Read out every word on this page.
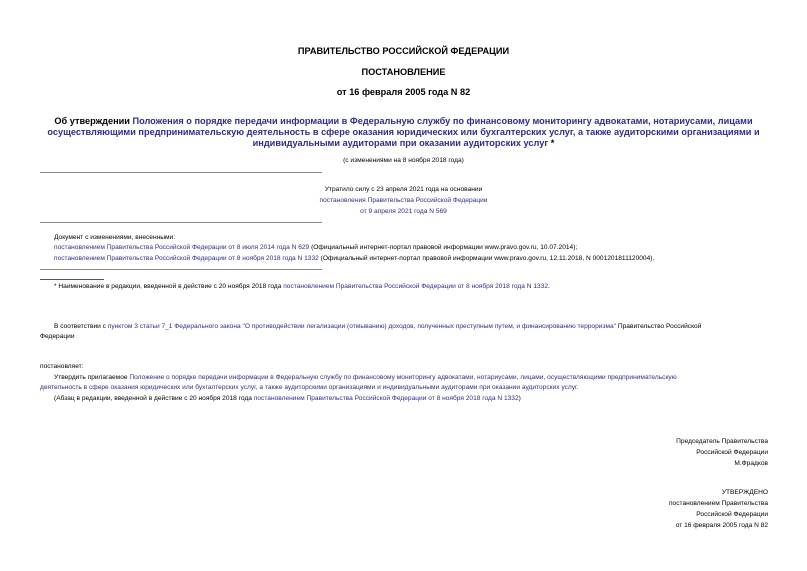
ПРАВИТЕЛЬСТВО РОССИЙСКОЙ ФЕДЕРАЦИИ
ПОСТАНОВЛЕНИЕ
от 16 февраля 2005 года N 82
Об утверждении Положения о порядке передачи информации в Федеральную службу по финансовому мониторингу адвокатами, нотариусами, лицами
осуществляющими предпринимательскую деятельность в сфере оказания юридических или бухгалтерских услуг, а также аудиторскими организациями и
индивидуальными аудиторами при оказании аудиторских услуг *
(с изменениями на 8 ноября 2018 года)
Утратило силу с 23 апреля 2021 года на основании
постановления Правительства Российской Федерации
от 9 апреля 2021 года N 569
Документ с изменениями, внесенными:
постановлением Правительства Российской Федерации от 8 июля 2014 года N 629 (Официальный интернет-портал правовой информации www.pravo.gov.ru, 10.07.2014);
постановлением Правительства Российской Федерации от 8 ноября 2018 года N 1332 (Официальный интернет-портал правовой информации www.pravo.gov.ru, 12.11.2018, N 0001201811120004).
* Наименование в редакции, введенной в действие с 20 ноября 2018 года постановлением Правительства Российской Федерации от 8 ноября 2018 года N 1332.
В соответствии с пунктом 3 статьи 7_1 Федерального закона "О противодействии легализации (отмыванию) доходов, полученных преступным путем, и финансированию терроризма" Правительство Российской
Федерации
постановляет:
Утвердить прилагаемое Положение о порядке передачи информации в Федеральную службу по финансовому мониторингу адвокатами, нотариусами, лицами, осуществляющими предпринимательскую
деятельность в сфере оказания юридических или бухгалтерских услуг, а также аудиторскими организациями и индивидуальными аудиторами при оказании аудиторских услуг.
(Абзац в редакции, введенной в действие с 20 ноября 2018 года постановлением Правительства Российской Федерации от 8 ноября 2018 года N 1332)
Председатель Правительства
Российской Федерации
М.Фрадков
УТВЕРЖДЕНО
постановлением Правительства
Российской Федерации
от 16 февраля 2005 года N 82
